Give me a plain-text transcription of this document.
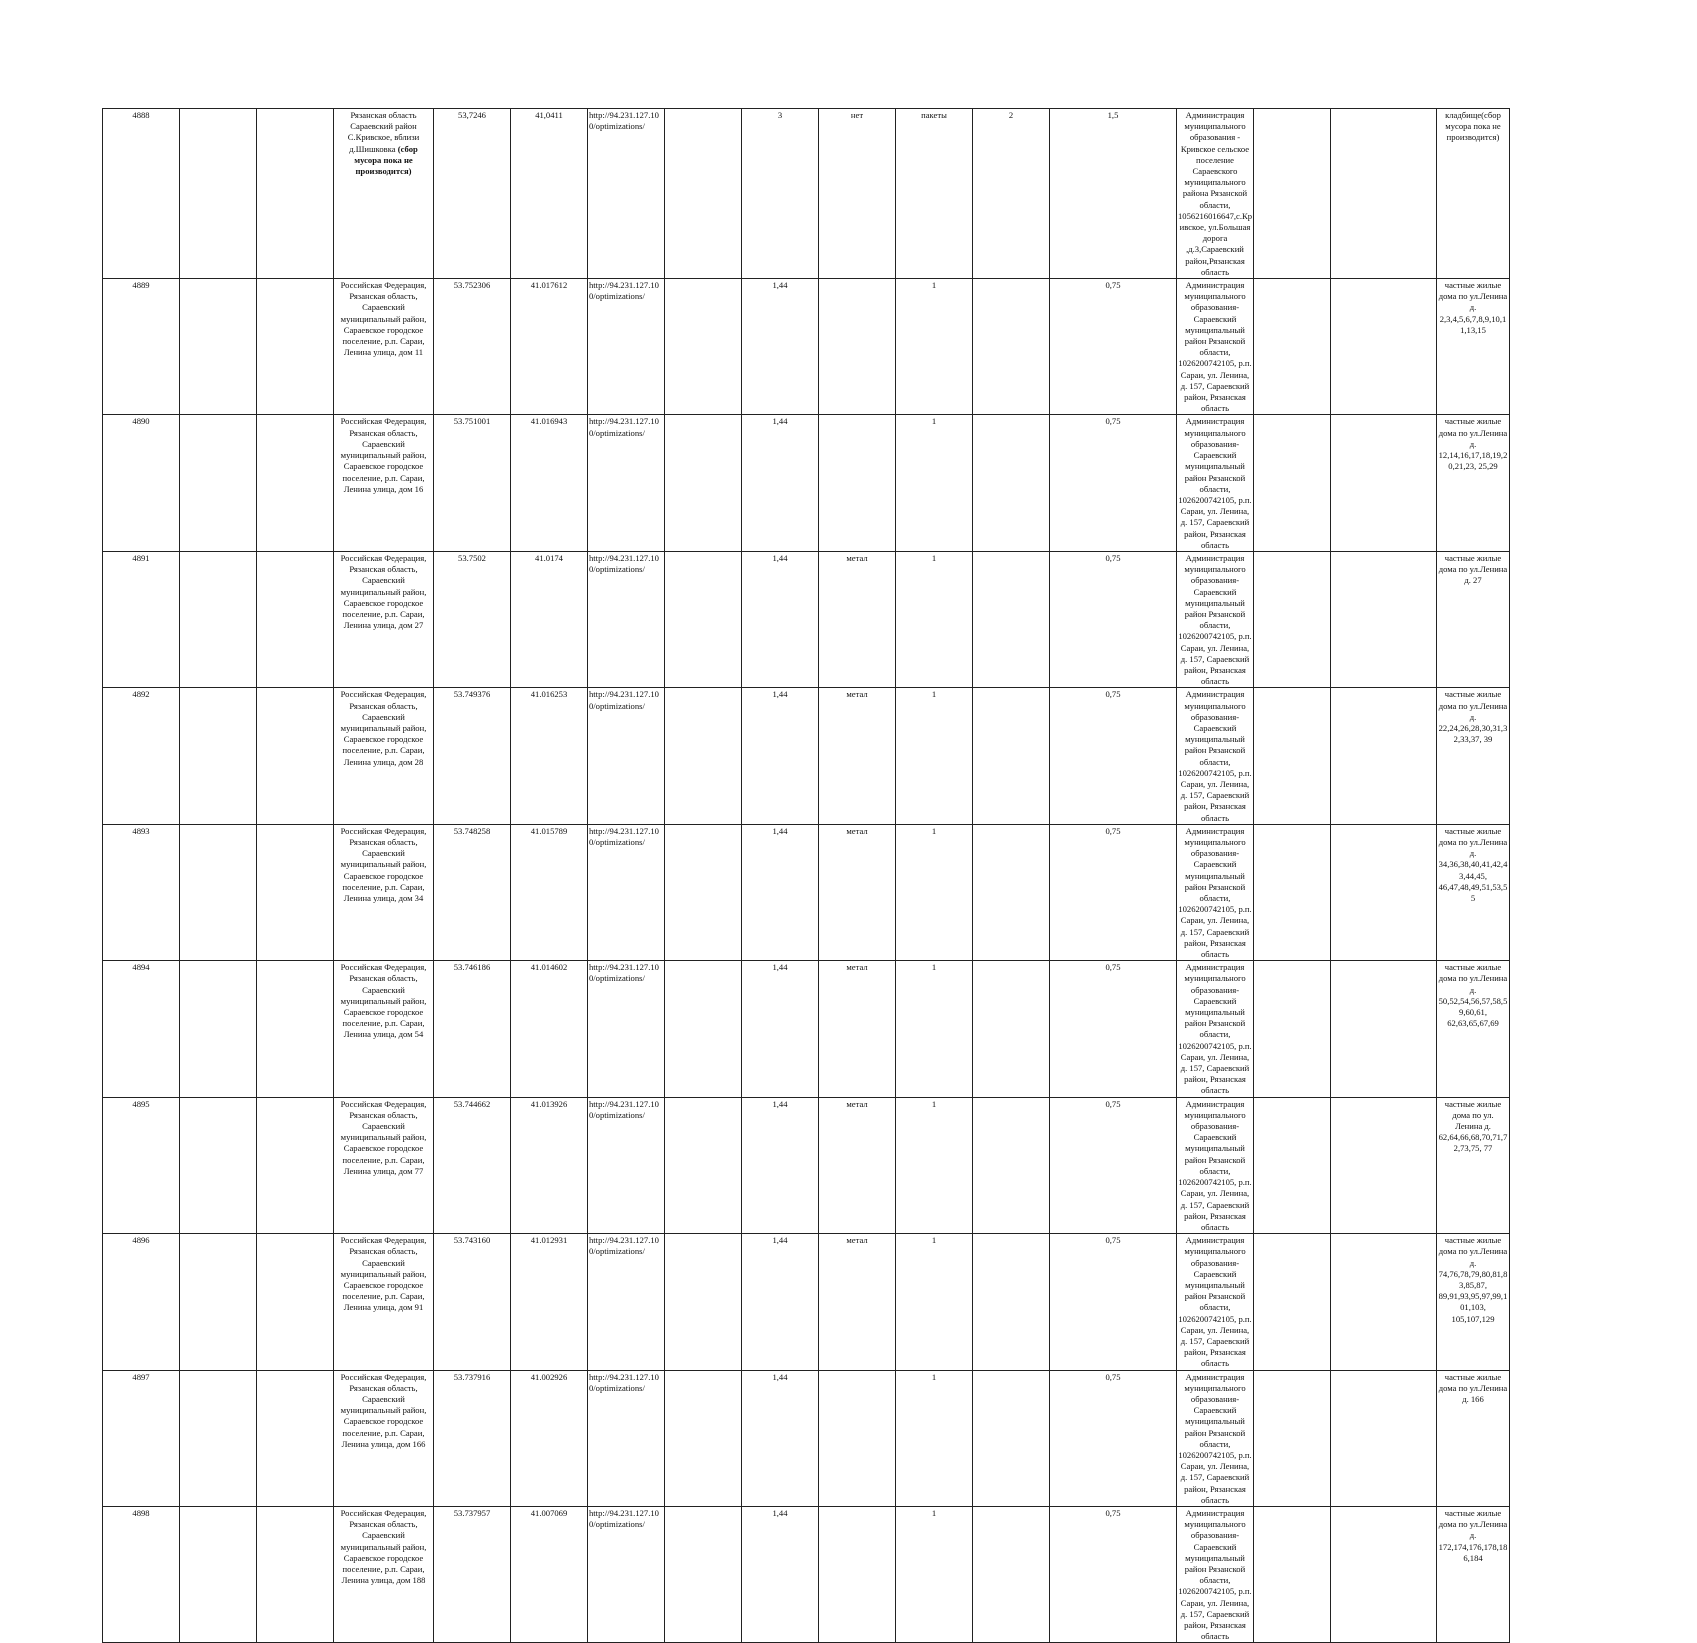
4888			Рязанская область Сараевский район С.Кривское, вблизи д.Шишковка (сбор мусора пока не производится)	53,7246	41,0411	http://94.231.127.100/optimizations/		3	нет	пакеты	2	1,5	Администрация муниципального образования - Кривское сельское поселение Сараевского муниципального района Рязанской области, 1056216016647,с.Кривское, ул.Большая дорога ,д.3,Сараевский район,Рязанская область			кладбище(сбор мусора пока не производится)
4889			Российская Федерация, Рязанская область, Сараевский муниципальный район, Сараевское городское поселение, р.п. Сараи, Ленина улица, дом 11	53.752306	41.017612	http://94.231.127.100/optimizations/		1,44		1		0,75	Администрация муниципального образования-Сараевский муниципальный район Рязанской области, 1026200742105, р.п. Сараи, ул. Ленина, д. 157, Сараевский район, Рязанская область			частные жилые дома по ул.Ленина д. 2,3,4,5,6,7,8,9,10,11,13,15
4890			Российская Федерация, Рязанская область, Сараевский муниципальный район, Сараевское городское поселение, р.п. Сараи, Ленина улица, дом 16	53.751001	41.016943	http://94.231.127.100/optimizations/		1,44		1		0,75	Администрация муниципального образования-Сараевский муниципальный район Рязанской области, 1026200742105, р.п. Сараи, ул. Ленина, д. 157, Сараевский район, Рязанская область			частные жилые дома по ул.Ленина д. 12,14,16,17,18,19,20,21,23, 25,29
4891			Российская Федерация, Рязанская область, Сараевский муниципальный район, Сараевское городское поселение, р.п. Сараи, Ленина улица, дом 27	53.7502	41.0174	http://94.231.127.100/optimizations/		1,44	метал	1		0,75	Администрация муниципального образования-Сараевский муниципальный район Рязанской области, 1026200742105, р.п. Сараи, ул. Ленина, д. 157, Сараевский район, Рязанская область			частные жилые дома по ул.Ленина д. 27
4892			Российская Федерация, Рязанская область, Сараевский муниципальный район, Сараевское городское поселение, р.п. Сараи, Ленина улица, дом 28	53.749376	41.016253	http://94.231.127.100/optimizations/		1,44	метал	1		0,75	Администрация муниципального образования-Сараевский муниципальный район Рязанской области, 1026200742105, р.п. Сараи, ул. Ленина, д. 157, Сараевский район, Рязанская область			частные жилые дома по ул.Ленина д. 22,24,26,28,30,31,32,33,37, 39
4893			Российская Федерация, Рязанская область, Сараевский муниципальный район, Сараевское городское поселение, р.п. Сараи, Ленина улица, дом 34	53.748258	41.015789	http://94.231.127.100/optimizations/		1,44	метал	1		0,75	Администрация муниципального образования-Сараевский муниципальный район Рязанской области, 1026200742105, р.п. Сараи, ул. Ленина, д. 157, Сараевский район, Рязанская область			частные жилые дома по ул.Ленина д. 34,36,38,40,41,42,43,44,45, 46,47,48,49,51,53,55
4894			Российская Федерация, Рязанская область, Сараевский муниципальный район, Сараевское городское поселение, р.п. Сараи, Ленина улица, дом 54	53.746186	41.014602	http://94.231.127.100/optimizations/		1,44	метал	1		0,75	Администрация муниципального образования-Сараевский муниципальный район Рязанской области, 1026200742105, р.п. Сараи, ул. Ленина, д. 157, Сараевский район, Рязанская область			частные жилые дома по ул.Ленина д. 50,52,54,56,57,58,59,60,61, 62,63,65,67,69
4895			Российская Федерация, Рязанская область, Сараевский муниципальный район, Сараевское городское поселение, р.п. Сараи, Ленина улица, дом 77	53.744662	41.013926	http://94.231.127.100/optimizations/		1,44	метал	1		0,75	Администрация муниципального образования-Сараевский муниципальный район Рязанской области, 1026200742105, р.п. Сараи, ул. Ленина, д. 157, Сараевский район, Рязанская область			частные жилые дома по ул. Ленина д. 62,64,66,68,70,71,72,73,75, 77
4896			Российская Федерация, Рязанская область, Сараевский муниципальный район, Сараевское городское поселение, р.п. Сараи, Ленина улица, дом 91	53.743160	41.012931	http://94.231.127.100/optimizations/		1,44	метал	1		0,75	Администрация муниципального образования-Сараевский муниципальный район Рязанской области, 1026200742105, р.п. Сараи, ул. Ленина, д. 157, Сараевский район, Рязанская область			частные жилые дома по ул.Ленина д. 74,76,78,79,80,81,83,85,87, 89,91,93,95,97,99,101,103, 105,107,129
4897			Российская Федерация, Рязанская область, Сараевский муниципальный район, Сараевское городское поселение, р.п. Сараи, Ленина улица, дом 166	53.737916	41.002926	http://94.231.127.100/optimizations/		1,44		1		0,75	Администрация муниципального образования-Сараевский муниципальный район Рязанской области, 1026200742105, р.п. Сараи, ул. Ленина, д. 157, Сараевский район, Рязанская область			частные жилые дома по ул.Ленина д. 166
4898			Российская Федерация, Рязанская область, Сараевский муниципальный район, Сараевское городское поселение, р.п. Сараи, Ленина улица, дом 188	53.737957	41.007069	http://94.231.127.100/optimizations/		1,44		1		0,75	Администрация муниципального образования-Сараевский муниципальный район Рязанской области, 1026200742105, р.п. Сараи, ул. Ленина, д. 157, Сараевский район, Рязанская область			частные жилые дома по ул.Ленина д. 172,174,176,178,186,184
